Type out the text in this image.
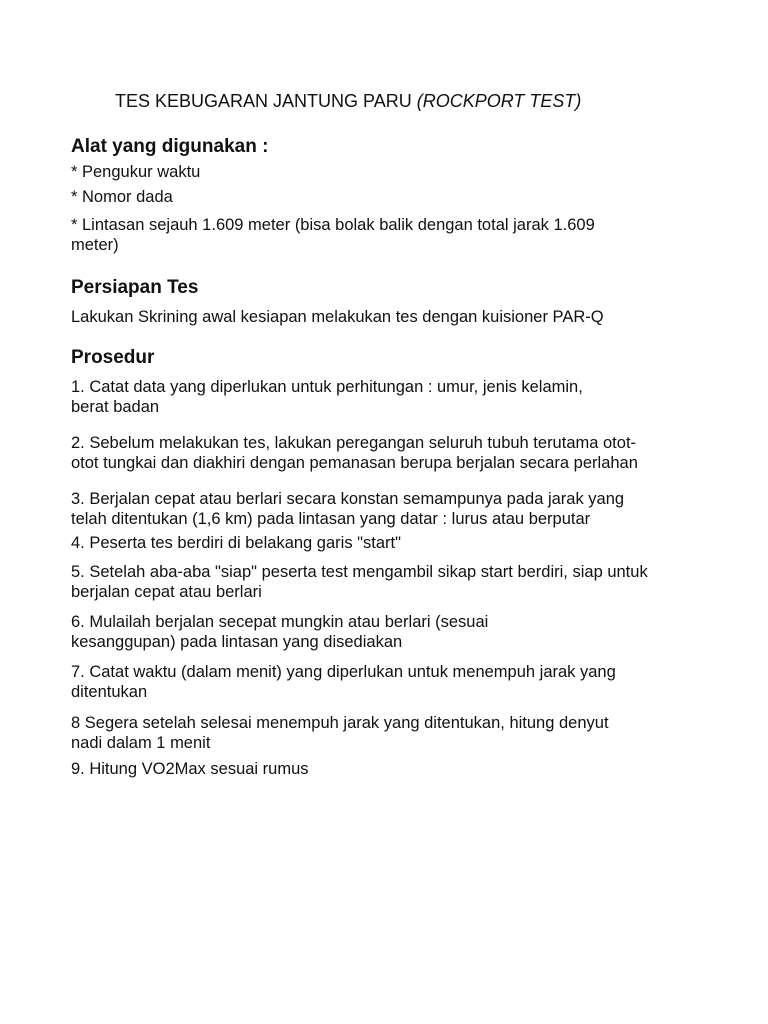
TES KEBUGARAN JANTUNG PARU (ROCKPORT TEST)
Alat yang digunakan :

* Pengukur waktu

* Nomor dada

* Lintasan sejauh 1.609 meter (bisa bolak balik dengan total jarak 1.609 meter)

Persiapan Tes

Lakukan Skrining awal kesiapan melakukan tes dengan kuisioner PAR-Q

Prosedur

1. Catat data yang diperlukan untuk perhitungan : umur, jenis kelamin, berat badan

2. Sebelum melakukan tes, lakukan peregangan seluruh tubuh terutama otot-otot tungkai dan diakhiri dengan pemanasan berupa berjalan secara perlahan

3. Berjalan cepat atau berlari secara konstan semampunya pada jarak yang telah ditentukan (1,6 km) pada lintasan yang datar : lurus atau berputar

4. Peserta tes berdiri di belakang garis "start"

5. Setelah aba-aba "siap" peserta test mengambil sikap start berdiri, siap untuk berjalan cepat atau berlari

6. Mulailah berjalan secepat mungkin atau berlari (sesuai kesanggupan) pada lintasan yang disediakan

7. Catat waktu (dalam menit) yang diperlukan untuk menempuh jarak yang ditentukan

8 Segera setelah selesai menempuh jarak yang ditentukan, hitung denyut nadi dalam 1 menit

9. Hitung VO2Max sesuai rumus
